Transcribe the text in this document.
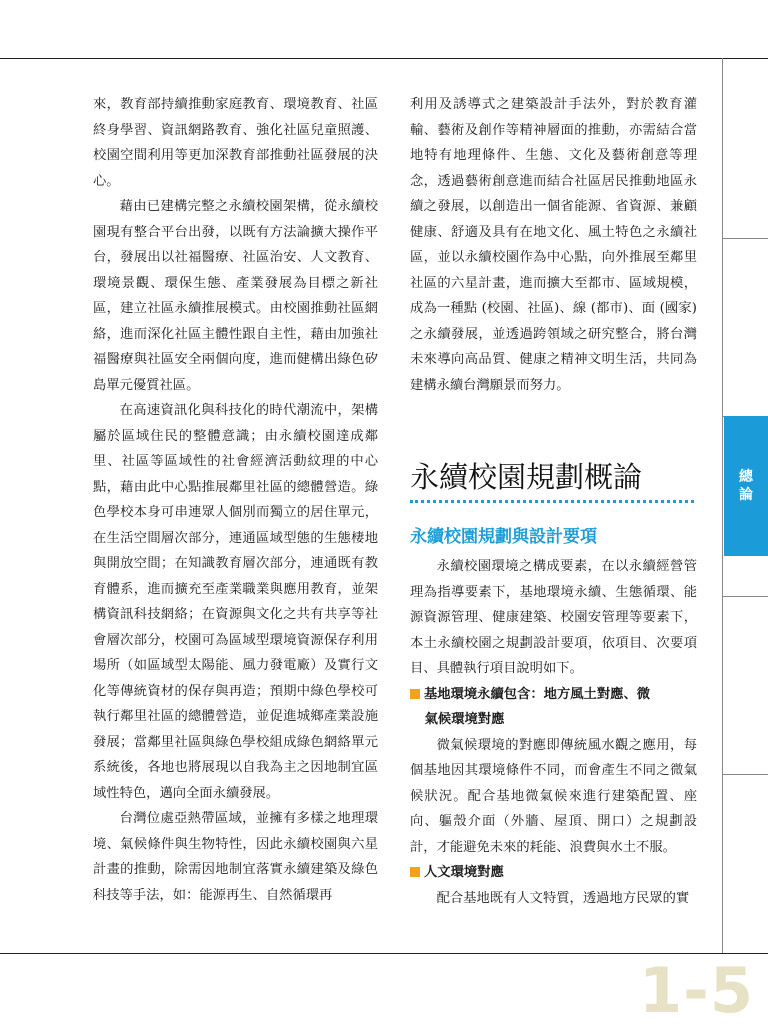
總
論

來，教育部持續推動家庭教育、環境教育、社區終身學習、資訊網路教育、強化社區兒童照護、校園空間利用等更加深教育部推動社區發展的決心。

藉由已建構完整之永續校園架構，從永續校園現有整合平台出發，以既有方法論擴大操作平台，發展出以社福醫療、社區治安、人文教育、環境景觀、環保生態、產業發展為目標之新社區，建立社區永續推展模式。由校園推動社區網絡，進而深化社區主體性跟自主性，藉由加強社福醫療與社區安全兩個向度，進而健構出綠色矽島單元優質社區。

在高速資訊化與科技化的時代潮流中，架構屬於區域住民的整體意識；由永續校園達成鄰里、社區等區域性的社會經濟活動紋理的中心點，藉由此中心點推展鄰里社區的總體營造。綠色學校本身可串連眾人個別而獨立的居住單元，在生活空間層次部分，連通區域型態的生態棲地與開放空間；在知識教育層次部分，連通既有教育體系，進而擴充至產業職業與應用教育，並架構資訊科技網絡；在資源與文化之共有共享等社會層次部分，校園可為區域型環境資源保存利用場所（如區域型太陽能、風力發電廠）及實行文化等傳統資材的保存與再造；預期中綠色學校可執行鄰里社區的總體營造，並促進城鄉產業設施發展；當鄰里社區與綠色學校組成綠色網絡單元系統後，各地也將展現以自我為主之因地制宜區域性特色，邁向全面永續發展。

台灣位處亞熱帶區域，並擁有多樣之地理環境、氣候條件與生物特性，因此永續校園與六星計畫的推動，除需因地制宜落實永續建築及綠色科技等手法，如：能源再生、自然循環再

利用及誘導式之建築設計手法外，對於教育灌輸、藝術及創作等精神層面的推動，亦需結合當地特有地理條件、生態、文化及藝術創意等理念，透過藝術創意進而結合社區居民推動地區永續之發展，以創造出一個省能源、省資源、兼顧健康、舒適及具有在地文化、風土特色之永續社區，並以永續校園作為中心點，向外推展至鄰里社區的六星計畫，進而擴大至都市、區域規模，成為一種點 (校園、社區)、線 (都市)、面 (國家)之永續發展，並透過跨領域之研究整合，將台灣未來導向高品質、健康之精神文明生活，共同為建構永續台灣願景而努力。

永續校園規劃概論
永續校園規劃與設計要項

永續校園環境之構成要素，在以永續經營管理為指導要素下，基地環境永續、生態循環、能源資源管理、健康建築、校園安管理等要素下，本土永續校園之規劃設計要項，依項目、次要項目、具體執行項目說明如下。

基地環境永續包含：地方風土對應、微

氣候環境對應

微氣候環境的對應即傳統風水觀之應用，每個基地因其環境條件不同，而會產生不同之微氣候狀況。配合基地微氣候來進行建築配置、座向、軀殼介面（外牆、屋頂、開口）之規劃設計，才能避免未來的耗能、浪費與水土不服。

人文環境對應

配合基地既有人文特質，透過地方民眾的實

1-5
